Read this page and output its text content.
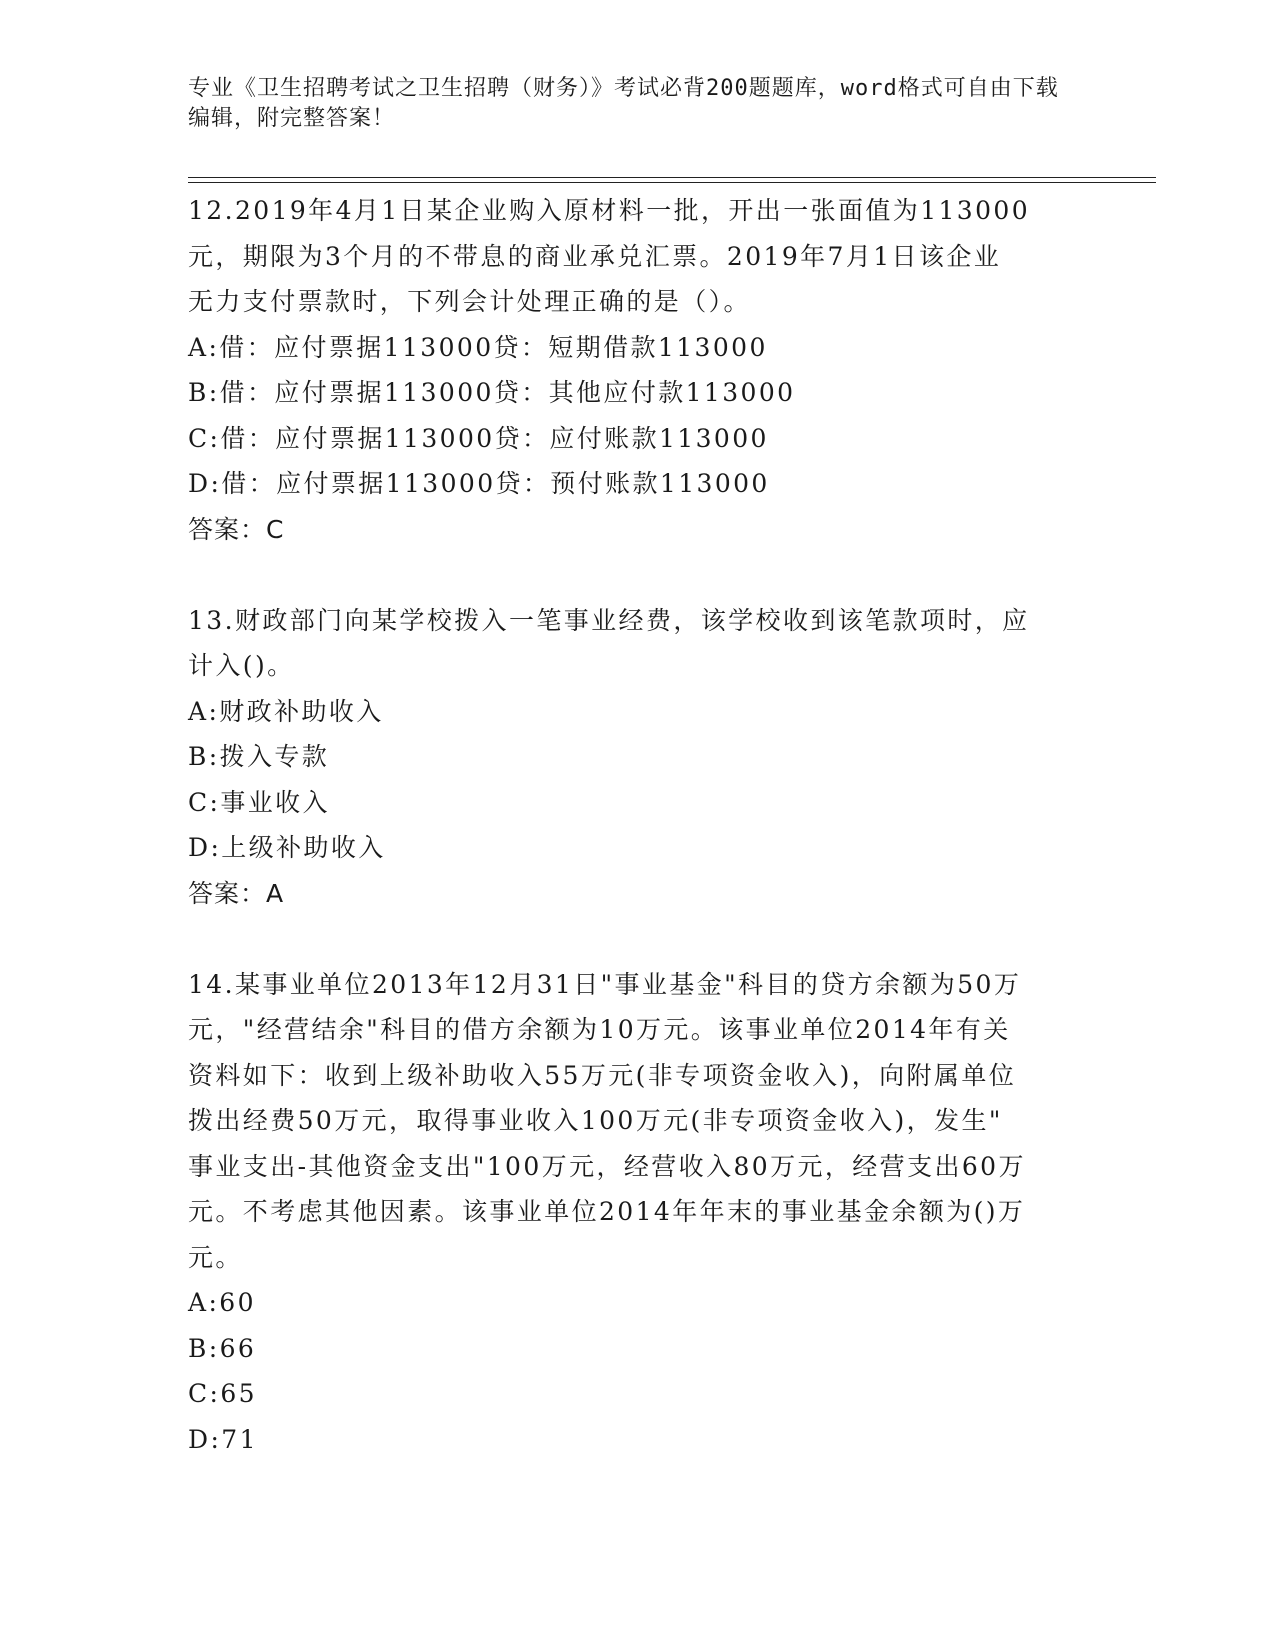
专业《卫生招聘考试之卫生招聘（财务）》考试必背200题题库，word格式可自由下载编辑，附完整答案！
12.2019年4月1日某企业购入原材料一批，开出一张面值为113000
元，期限为3个月的不带息的商业承兑汇票。2019年7月1日该企业
无力支付票款时，下列会计处理正确的是（）。
A:借：应付票据113000贷：短期借款113000
B:借：应付票据113000贷：其他应付款113000
C:借：应付票据113000贷：应付账款113000
D:借：应付票据113000贷：预付账款113000
答案：C
13.财政部门向某学校拨入一笔事业经费，该学校收到该笔款项时，应
计入()。
A:财政补助收入
B:拨入专款
C:事业收入
D:上级补助收入
答案：A
14.某事业单位2013年12月31日"事业基金"科目的贷方余额为50万
元，"经营结余"科目的借方余额为10万元。该事业单位2014年有关
资料如下：收到上级补助收入55万元(非专项资金收入)，向附属单位
拨出经费50万元，取得事业收入100万元(非专项资金收入)，发生"
事业支出-其他资金支出"100万元，经营收入80万元，经营支出60万
元。不考虑其他因素。该事业单位2014年年末的事业基金余额为()万
元。
A:60
B:66
C:65
D:71
